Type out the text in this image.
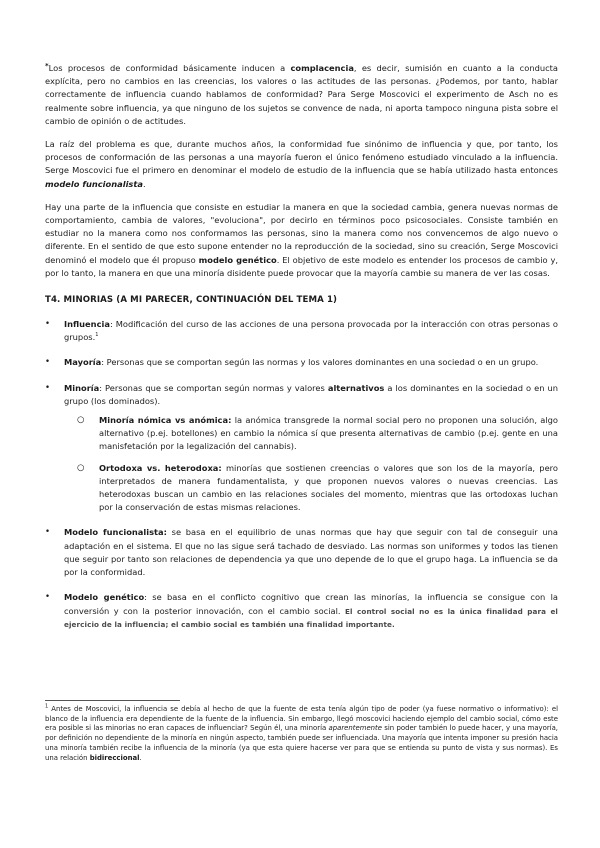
*Los procesos de conformidad básicamente inducen a complacencia, es decir, sumisión en cuanto a la conducta explícita, pero no cambios en las creencias, los valores o las actitudes de las personas. ¿Podemos, por tanto, hablar correctamente de influencia cuando hablamos de conformidad? Para Serge Moscovici el experimento de Asch no es realmente sobre influencia, ya que ninguno de los sujetos se convence de nada, ni aporta tampoco ninguna pista sobre el cambio de opinión o de actitudes.

La raíz del problema es que, durante muchos años, la conformidad fue sinónimo de influencia y que, por tanto, los procesos de conformación de las personas a una mayoría fueron el único fenómeno estudiado vinculado a la influencia. Serge Moscovici fue el primero en denominar el modelo de estudio de la influencia que se había utilizado hasta entonces modelo funcionalista.

Hay una parte de la influencia que consiste en estudiar la manera en que la sociedad cambia, genera nuevas normas de comportamiento, cambia de valores, "evoluciona", por decirlo en términos poco psicosociales. Consiste también en estudiar no la manera como nos conformamos las personas, sino la manera como nos convencemos de algo nuevo o diferente. En el sentido de que esto supone entender no la reproducción de la sociedad, sino su creación, Serge Moscovici denominó el modelo que él propuso modelo genético. El objetivo de este modelo es entender los procesos de cambio y, por lo tanto, la manera en que una minoría disidente puede provocar que la mayoría cambie su manera de ver las cosas.

T4. MINORIAS (A MI PARECER, CONTINUACIÓN DEL TEMA 1)
• Influencia: Modificación del curso de las acciones de una persona provocada por la interacción con otras personas o grupos.$^1$
• Mayoría: Personas que se comportan según las normas y los valores dominantes en una sociedad o en un grupo.
• Minoría: Personas que se comportan según normas y valores alternativos a los dominantes en la sociedad o en un grupo (los dominados).
○ Minoría nómica vs anómica: la anómica transgrede la normal social pero no proponen una solución, algo alternativo (p.ej. botellones) en cambio la nómica sí que presenta alternativas de cambio (p.ej. gente en una manisfetación por la legalización del cannabis).
○ Ortodoxa vs. heterodoxa: minorías que sostienen creencias o valores que son los de la mayoría, pero interpretados de manera fundamentalista, y que proponen nuevos valores o nuevas creencias. Las heterodoxas buscan un cambio en las relaciones sociales del momento, mientras que las ortodoxas luchan por la conservación de estas mismas relaciones.
• Modelo funcionalista: se basa en el equilibrio de unas normas que hay que seguir con tal de conseguir una adaptación en el sistema. El que no las sigue será tachado de desviado. Las normas son uniformes y todos las tienen que seguir por tanto son relaciones de dependencia ya que uno depende de lo que el grupo haga. La influencia se da por la conformidad.
• Modelo genético: se basa en el conflicto cognitivo que crean las minorías, la influencia se consigue con la conversión y con la posterior innovación, con el cambio social. El control social no es la única finalidad para el ejercicio de la influencia; el cambio social es también una finalidad importante.
$^1$ Antes de Moscovici, la influencia se debía al hecho de que la fuente de esta tenía algún tipo de poder (ya fuese normativo o informativo): el blanco de la influencia era dependiente de la fuente de la influencia. Sin embargo, llegó moscovici haciendo ejemplo del cambio social, cómo este era posible si las minorias no eran capaces de influenciar? Según él, una minoría aparentemente sin poder también lo puede hacer, y una mayoría, por definición no dependiente de la minoría en ningún aspecto, también puede ser influenciada. Una mayoría que intenta imponer su presión hacia una minoría también recibe la influencia de la minoría (ya que esta quiere hacerse ver para que se entienda su punto de vista y sus normas). Es una relación bidireccional.
